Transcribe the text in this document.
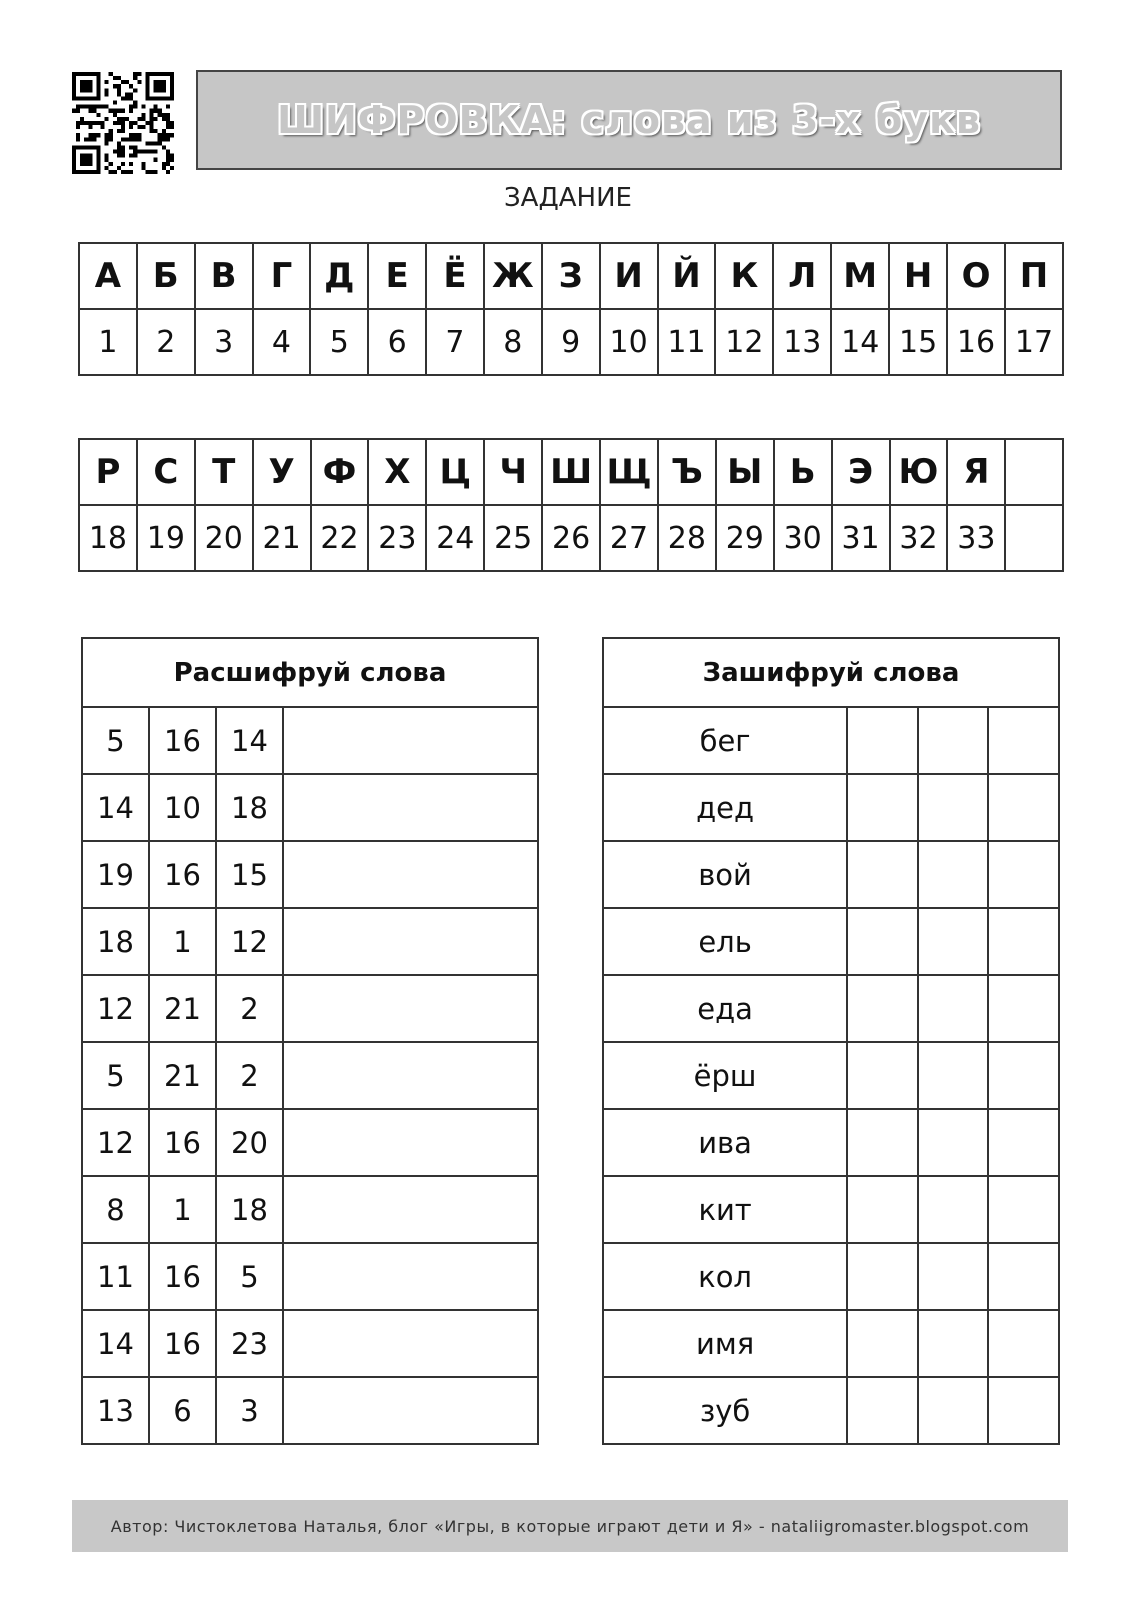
ШИФРОВКА: слова из 3-х букв
ЗАДАНИЕ
А	Б	В	Г	Д	Е	Ё	Ж	З	И	Й	К	Л	М	Н	О	П
1	2	3	4	5	6	7	8	9	10	11	12	13	14	15	16	17
Р	С	Т	У	Ф	Х	Ц	Ч	Ш	Щ	Ъ	Ы	Ь	Э	Ю	Я	
18	19	20	21	22	23	24	25	26	27	28	29	30	31	32	33	
Расшифруй слова			
5	16	14	
14	10	18	
19	16	15	
18	1	12	
12	21	2	
5	21	2	
12	16	20	
8	1	18	
11	16	5	
14	16	23	
13	6	3	
Зашифруй слова			
бег			
дед			
вой			
ель			
еда			
ёрш			
ива			
кит			
кол			
имя			
зуб			
Автор: Чистоклетова Наталья, блог «Игры, в которые играют дети и Я» - nataliigromaster.blogspot.com
